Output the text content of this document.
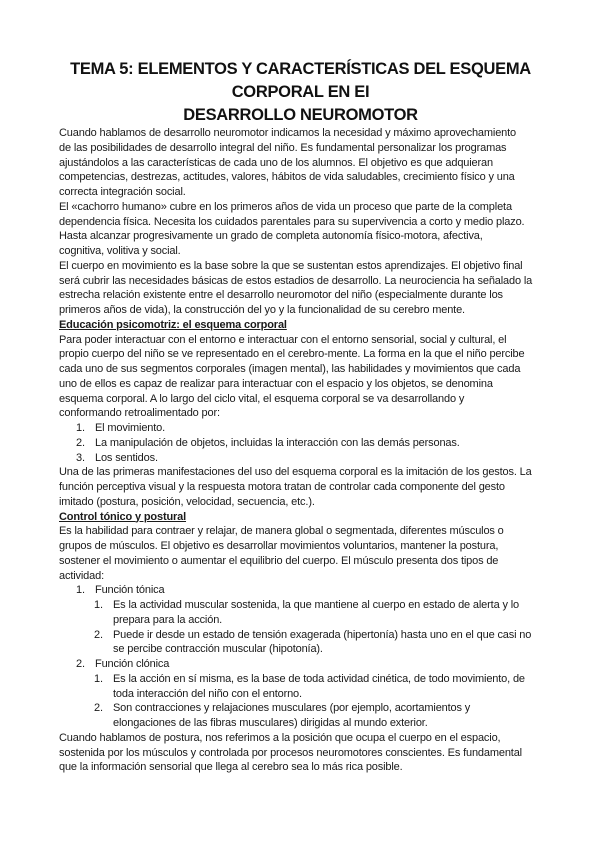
TEMA 5: ELEMENTOS Y CARACTERÍSTICAS DEL ESQUEMA
CORPORAL EN EI
DESARROLLO NEUROMOTOR
Cuando hablamos de desarrollo neuromotor indicamos la necesidad y máximo aprovechamiento
de las posibilidades de desarrollo integral del niño. Es fundamental personalizar los programas
ajustándolos a las características de cada uno de los alumnos. El objetivo es que adquieran
competencias, destrezas, actitudes, valores, hábitos de vida saludables, crecimiento físico y una
correcta integración social.
El «cachorro humano» cubre en los primeros años de vida un proceso que parte de la completa
dependencia física. Necesita los cuidados parentales para su supervivencia a corto y medio plazo.
Hasta alcanzar progresivamente un grado de completa autonomía físico-motora, afectiva,
cognitiva, volitiva y social.
El cuerpo en movimiento es la base sobre la que se sustentan estos aprendizajes. El objetivo final
será cubrir las necesidades básicas de estos estadios de desarrollo. La neurociencia ha señalado la
estrecha relación existente entre el desarrollo neuromotor del niño (especialmente durante los
primeros años de vida), la construcción del yo y la funcionalidad de su cerebro mente.
Educación psicomotriz: el esquema corporal
Para poder interactuar con el entorno e interactuar con el entorno sensorial, social y cultural, el
propio cuerpo del niño se ve representado en el cerebro-mente. La forma en la que el niño percibe
cada uno de sus segmentos corporales (imagen mental), las habilidades y movimientos que cada
uno de ellos es capaz de realizar para interactuar con el espacio y los objetos, se denomina
esquema corporal. A lo largo del ciclo vital, el esquema corporal se va desarrollando y
conformando retroalimentado por:
1. El movimiento.
2. La manipulación de objetos, incluidas la interacción con las demás personas.
3. Los sentidos.
Una de las primeras manifestaciones del uso del esquema corporal es la imitación de los gestos. La
función perceptiva visual y la respuesta motora tratan de controlar cada componente del gesto
imitado (postura, posición, velocidad, secuencia, etc.).
Control tónico y postural
Es la habilidad para contraer y relajar, de manera global o segmentada, diferentes músculos o
grupos de músculos. El objetivo es desarrollar movimientos voluntarios, mantener la postura,
sostener el movimiento o aumentar el equilibrio del cuerpo. El músculo presenta dos tipos de
actividad:
1. Función tónica
1. Es la actividad muscular sostenida, la que mantiene al cuerpo en estado de alerta y lo
prepara para la acción.
2. Puede ir desde un estado de tensión exagerada (hipertonía) hasta uno en el que casi no
se percibe contracción muscular (hipotonía).
2. Función clónica
1. Es la acción en sí misma, es la base de toda actividad cinética, de todo movimiento, de
toda interacción del niño con el entorno.
2. Son contracciones y relajaciones musculares (por ejemplo, acortamientos y
elongaciones de las fibras musculares) dirigidas al mundo exterior.
Cuando hablamos de postura, nos referimos a la posición que ocupa el cuerpo en el espacio,
sostenida por los músculos y controlada por procesos neuromotores conscientes. Es fundamental
que la información sensorial que llega al cerebro sea lo más rica posible.
